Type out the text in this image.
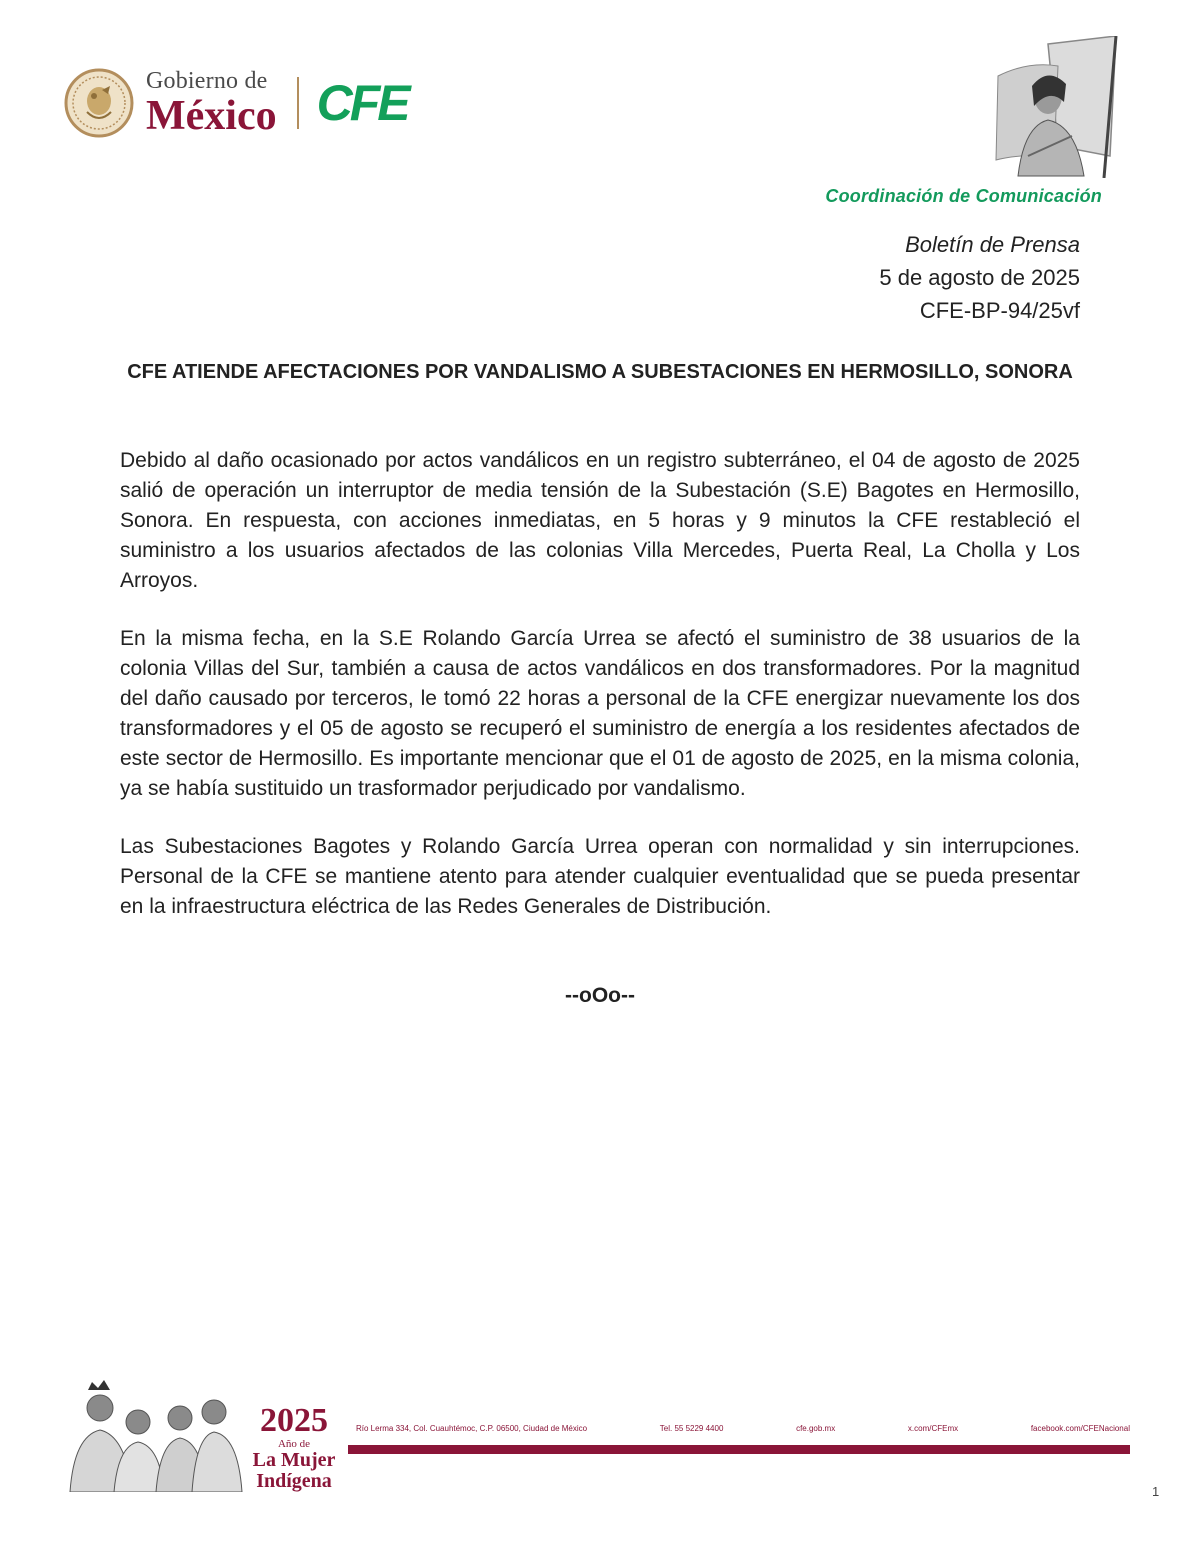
Gobierno de
México CFE
Coordinación de Comunicación
Boletín de Prensa
5 de agosto de 2025
CFE-BP-94/25vf
CFE ATIENDE AFECTACIONES POR VANDALISMO A SUBESTACIONES EN HERMOSILLO, SONORA

Debido al daño ocasionado por actos vandálicos en un registro subterráneo, el 04 de agosto de 2025 salió de operación un interruptor de media tensión de la Subestación (S.E) Bagotes en Hermosillo, Sonora. En respuesta, con acciones inmediatas, en 5 horas y 9 minutos la CFE restableció el suministro a los usuarios afectados de las colonias Villa Mercedes, Puerta Real, La Cholla y Los Arroyos.

En la misma fecha, en la S.E Rolando García Urrea se afectó el suministro de 38 usuarios de la colonia Villas del Sur, también a causa de actos vandálicos en dos transformadores. Por la magnitud del daño causado por terceros, le tomó 22 horas a personal de la CFE energizar nuevamente los dos transformadores y el 05 de agosto se recuperó el suministro de energía a los residentes afectados de este sector de Hermosillo. Es importante mencionar que el 01 de agosto de 2025, en la misma colonia, ya se había sustituido un trasformador perjudicado por vandalismo.

Las Subestaciones Bagotes y Rolando García Urrea operan con normalidad y sin interrupciones. Personal de la CFE se mantiene atento para atender cualquier eventualidad que se pueda presentar en la infraestructura eléctrica de las Redes Generales de Distribución.

--oOo--
2025
Año de
La Mujer
Indígena
Río Lerma 334, Col. Cuauhtémoc, C.P. 06500, Ciudad de México	Tel. 55 5229 4400	cfe.gob.mx	x.com/CFEmx	facebook.com/CFENacional
1
